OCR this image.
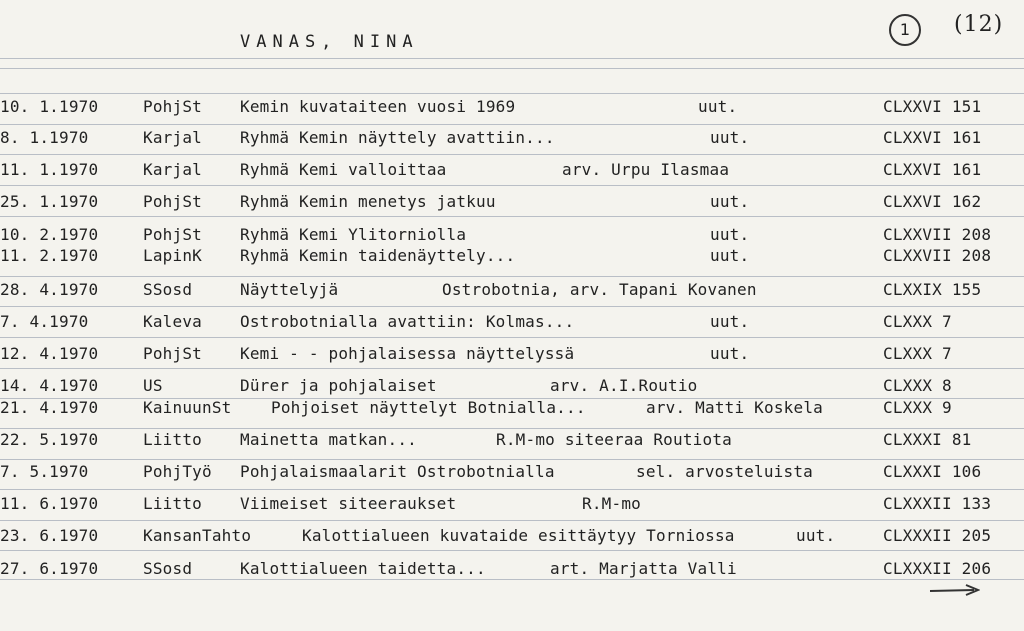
VANAS, NINA
1	(12)
10. 1.1970	PohjSt Kemin kuvataiteen vuosi 1969	uut.	CLXXVI 151
8. 1.1970	Karjal Ryhmä Kemin näyttely avattiin...	uut.	CLXXVI 161
11. 1.1970	Karjal Ryhmä Kemi valloittaa	arv. Urpu Ilasmaa	CLXXVI 161
25. 1.1970	PohjSt Ryhmä Kemin menetys jatkuu	uut.	CLXXVI 162
10. 2.1970	PohjSt Ryhmä Kemi Ylitorniolla	uut.	CLXXVII 208
11. 2.1970	LapinK Ryhmä Kemin taidenäyttely...	uut.	CLXXVII 208
28. 4.1970	SSosd	Näyttelyjä	Ostrobotnia, arv. Tapani Kovanen	CLXXIX 155
7. 4.1970	Kaleva Ostrobotnialla avattiin: Kolmas...	uut.	CLXXX 7
12. 4.1970	PohjSt Kemi - - pohjalaisessa näyttelyssä	uut.	CLXXX 7
14. 4.1970	US	Dürer ja pohjalaiset	arv. A.I.Routio	CLXXX 8
21. 4.1970	KainuunSt Pohjoiset näyttelyt Botnialla...	arv. Matti Koskela	CLXXX 9
22. 5.1970	Liitto Mainetta matkan...	R.M-mo siteeraa Routiota	CLXXXI 81
7. 5.1970	PohjTyö Pohjalaismaalarit Ostrobotnialla	sel. arvosteluista	CLXXXI 106
11. 6.1970	Liitto Viimeiset siteeraukset	R.M-mo	CLXXXII 133
23. 6.1970	KansanTahto	Kalottialueen kuvataide esittäytyy Torniossa	uut.	CLXXXII 205
27. 6.1970	SSosd	Kalottialueen taidetta...	art. Marjatta Valli	CLXXXII 206
